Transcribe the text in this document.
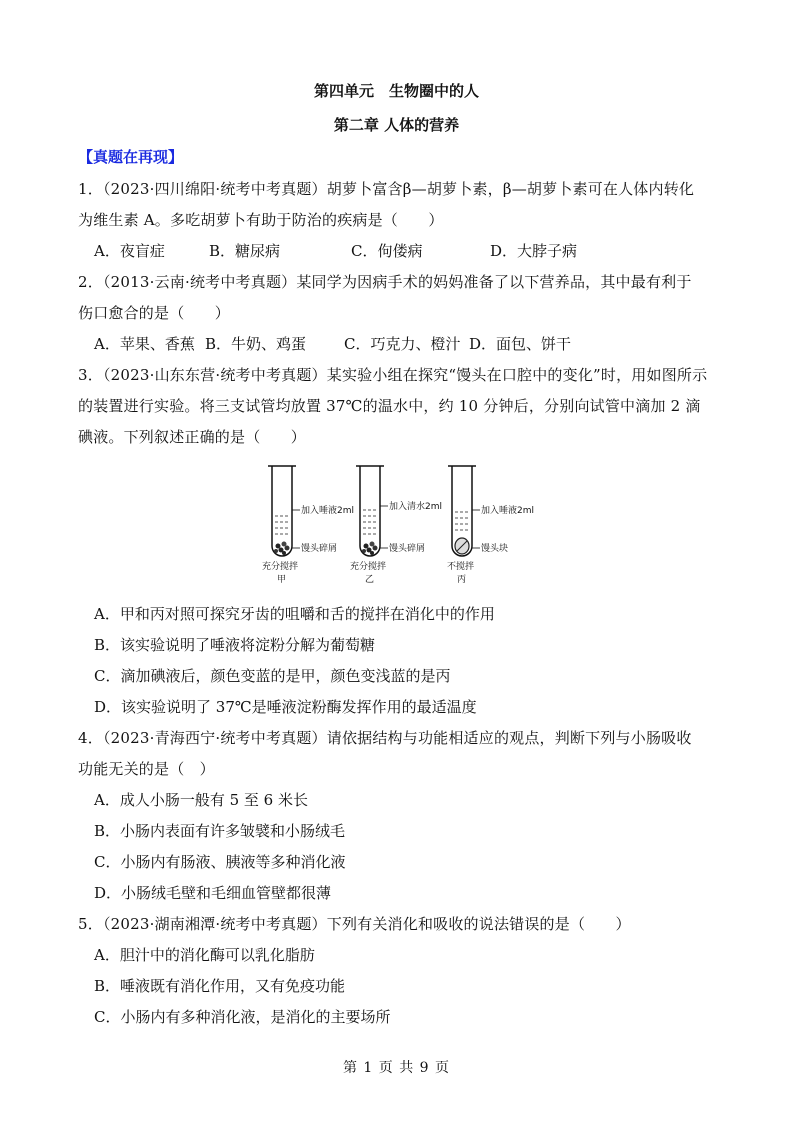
第四单元　生物圈中的人
第二章 人体的营养
【真题在再现】
1．（2023·四川绵阳·统考中考真题）胡萝卜富含β—胡萝卜素，β—胡萝卜素可在人体内转化
为维生素 A。多吃胡萝卜有助于防治的疾病是（　　）
A．夜盲症	B．糖尿病	C．佝偻病	D．大脖子病
2．（2013·云南·统考中考真题）某同学为因病手术的妈妈准备了以下营养品，其中最有利于
伤口愈合的是（　　）
A．苹果、香蕉 B．牛奶、鸡蛋	C．巧克力、橙汁 D．面包、饼干
3．（2023·山东东营·统考中考真题）某实验小组在探究“馒头在口腔中的变化”时，用如图所示
的装置进行实验。将三支试管均放置 37℃的温水中，约 10 分钟后，分别向试管中滴加 2 滴
碘液。下列叙述正确的是（　　）
加入唾液2ml
馒头碎屑
充分搅拌
甲
加入清水2ml
馒头碎屑
充分搅拌
乙
加入唾液2ml
馒头块
不搅拌
丙
A．甲和丙对照可探究牙齿的咀嚼和舌的搅拌在消化中的作用
B．该实验说明了唾液将淀粉分解为葡萄糖
C．滴加碘液后，颜色变蓝的是甲，颜色变浅蓝的是丙
D．该实验说明了 37℃是唾液淀粉酶发挥作用的最适温度
4．（2023·青海西宁·统考中考真题）请依据结构与功能相适应的观点，判断下列与小肠吸收
功能无关的是（　）
A．成人小肠一般有 5 至 6 米长
B．小肠内表面有许多皱襞和小肠绒毛
C．小肠内有肠液、胰液等多种消化液
D．小肠绒毛壁和毛细血管壁都很薄
5．（2023·湖南湘潭·统考中考真题）下列有关消化和吸收的说法错误的是（　　）
A．胆汁中的消化酶可以乳化脂肪
B．唾液既有消化作用，又有免疫功能
C．小肠内有多种消化液，是消化的主要场所
第 1 页 共 9 页
